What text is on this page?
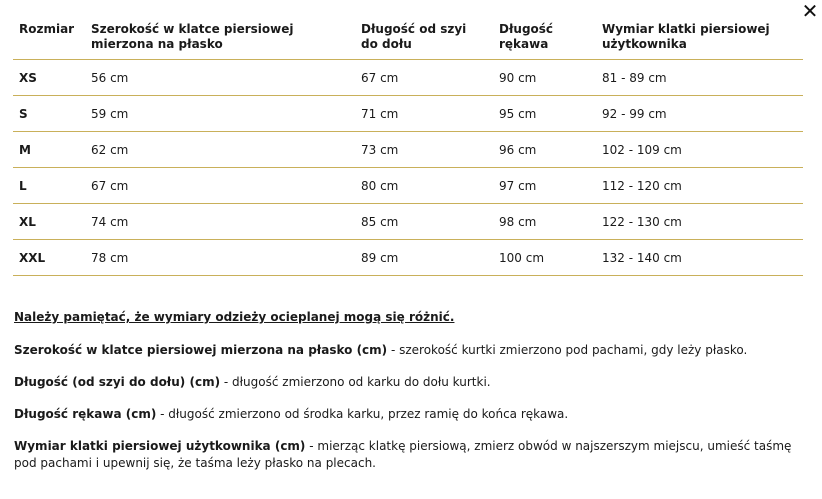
✕
Rozmiar	Szerokość w klatce piersiowej mierzona na płasko	Długość od szyi do dołu	Długość rękawa	Wymiar klatki piersiowej użytkownika
XS	56 cm	67 cm	90 cm	81 - 89 cm
S	59 cm	71 cm	95 cm	92 - 99 cm
M	62 cm	73 cm	96 cm	102 - 109 cm
L	67 cm	80 cm	97 cm	112 - 120 cm
XL	74 cm	85 cm	98 cm	122 - 130 cm
XXL	78 cm	89 cm	100 cm	132 - 140 cm

Należy pamiętać, że wymiary odzieży ocieplanej mogą się różnić.

Szerokość w klatce piersiowej mierzona na płasko (cm) - szerokość kurtki zmierzono pod pachami, gdy leży płasko.

Długość (od szyi do dołu) (cm) - długość zmierzono od karku do dołu kurtki.

Długość rękawa (cm) - długość zmierzono od środka karku, przez ramię do końca rękawa.

Wymiar klatki piersiowej użytkownika (cm) - mierząc klatkę piersiową, zmierz obwód w najszerszym miejscu, umieść taśmę pod pachami i upewnij się, że taśma leży płasko na plecach.
